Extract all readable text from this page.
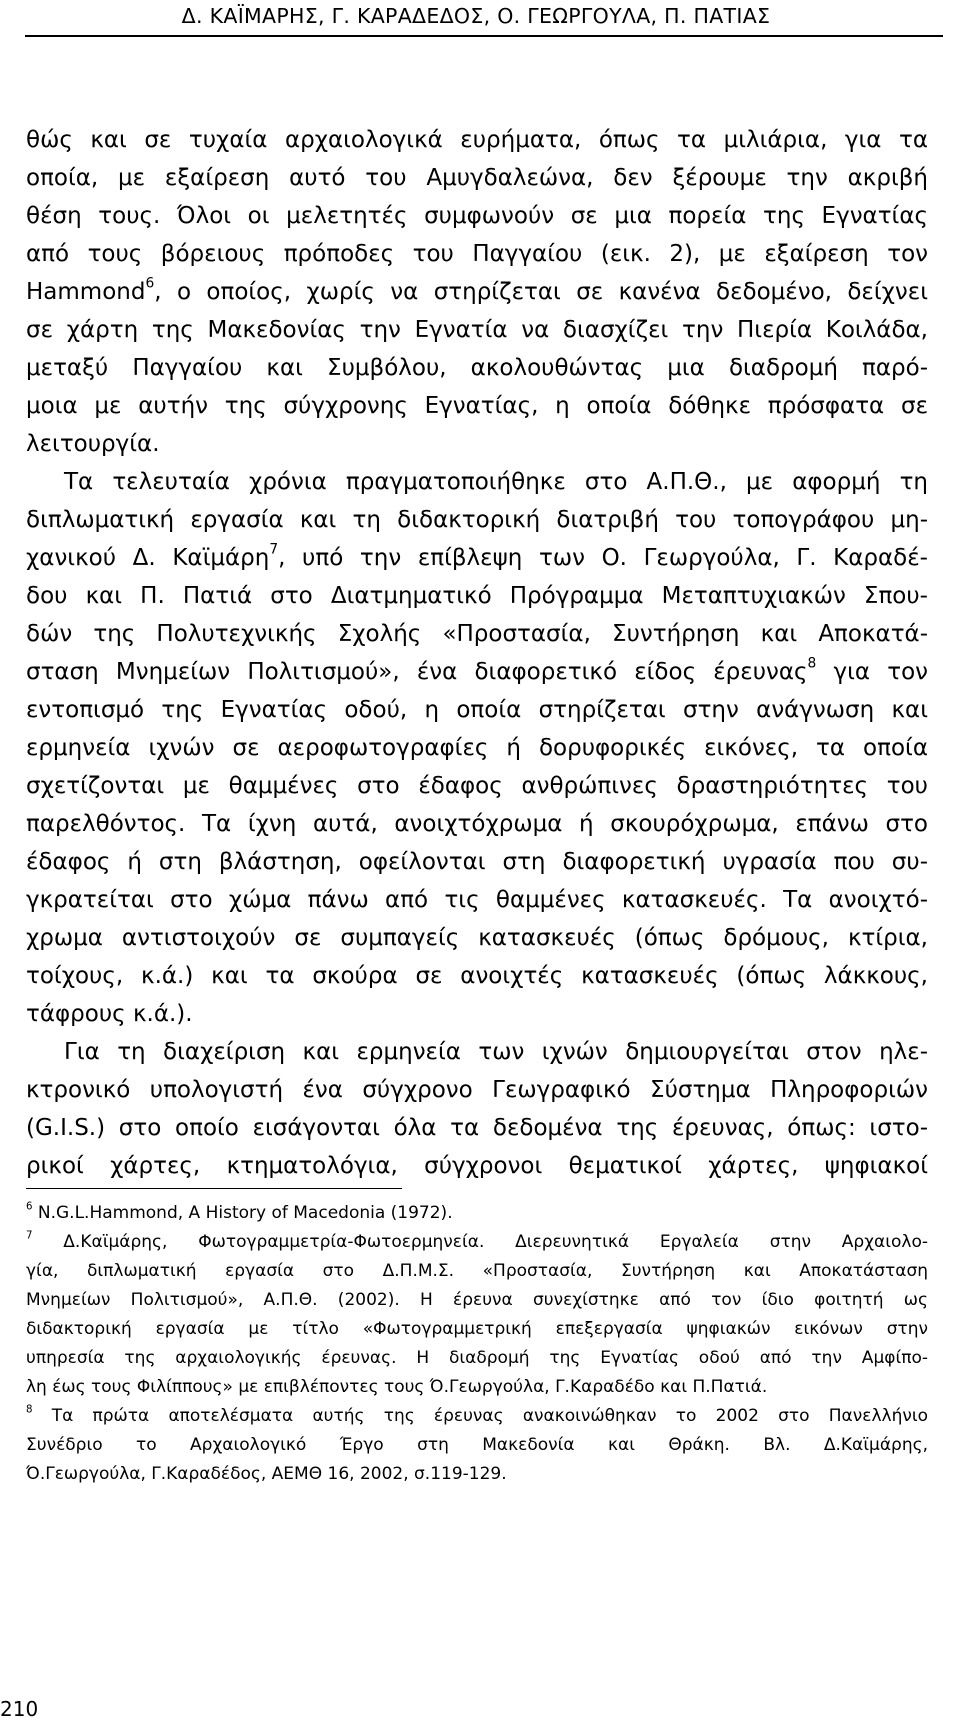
Δ. ΚΑΪΜΑΡΗΣ, Γ. ΚΑΡΑΔΕΔΟΣ, Ο. ΓΕΩΡΓΟΥΛΑ, Π. ΠΑΤΙΑΣ
θώς και σε τυχαία αρχαιολογικά ευρήματα, όπως τα μιλιάρια, για τα
οποία, με εξαίρεση αυτό του Αμυγδαλεώνα, δεν ξέρουμε την ακριβή
θέση τους. Όλοι οι μελετητές συμφωνούν σε μια πορεία της Εγνατίας
από τους βόρειους πρόποδες του Παγγαίου (εικ. 2), με εξαίρεση τον
Hammond$^6$, ο οποίος, χωρίς να στηρίζεται σε κανένα δεδομένο, δείχνει
σε χάρτη της Μακεδονίας την Εγνατία να διασχίζει την Πιερία Κοιλάδα,
μεταξύ Παγγαίου και Συμβόλου, ακολουθώντας μια διαδρομή παρό-
μοια με αυτήν της σύγχρονης Εγνατίας, η οποία δόθηκε πρόσφατα σε
λειτουργία.
Τα τελευταία χρόνια πραγματοποιήθηκε στο Α.Π.Θ., με αφορμή τη
διπλωματική εργασία και τη διδακτορική διατριβή του τοπογράφου μη-
χανικού Δ. Καϊμάρη$^7$, υπό την επίβλεψη των Ο. Γεωργούλα, Γ. Καραδέ-
δου και Π. Πατιά στο Διατμηματικό Πρόγραμμα Μεταπτυχιακών Σπου-
δών της Πολυτεχνικής Σχολής «Προστασία, Συντήρηση και Αποκατά-
σταση Μνημείων Πολιτισμού», ένα διαφορετικό είδος έρευνας$^8$ για τον
εντοπισμό της Εγνατίας οδού, η οποία στηρίζεται στην ανάγνωση και
ερμηνεία ιχνών σε αεροφωτογραφίες ή δορυφορικές εικόνες, τα οποία
σχετίζονται με θαμμένες στο έδαφος ανθρώπινες δραστηριότητες του
παρελθόντος. Τα ίχνη αυτά, ανοιχτόχρωμα ή σκουρόχρωμα, επάνω στο
έδαφος ή στη βλάστηση, οφείλονται στη διαφορετική υγρασία που συ-
γκρατείται στο χώμα πάνω από τις θαμμένες κατασκευές. Τα ανοιχτό-
χρωμα αντιστοιχούν σε συμπαγείς κατασκευές (όπως δρόμους, κτίρια,
τοίχους, κ.ά.) και τα σκούρα σε ανοιχτές κατασκευές (όπως λάκκους,
τάφρους κ.ά.).
Για τη διαχείριση και ερμηνεία των ιχνών δημιουργείται στον ηλε-
κτρονικό υπολογιστή ένα σύγχρονο Γεωγραφικό Σύστημα Πληροφοριών
(G.I.S.) στο οποίο εισάγονται όλα τα δεδομένα της έρευνας, όπως: ιστο-
ρικοί χάρτες, κτηματολόγια, σύγχρονοι θεματικοί χάρτες, ψηφιακοί
$^6$ N.G.L.Hammond, A History of Macedonia (1972).
$^7$ Δ.Καϊμάρης, Φωτογραμμετρία-Φωτοερμηνεία. Διερευνητικά Εργαλεία στην Αρχαιολο-
γία, διπλωματική εργασία στο Δ.Π.Μ.Σ. «Προστασία, Συντήρηση και Αποκατάσταση
Μνημείων Πολιτισμού», Α.Π.Θ. (2002). Η έρευνα συνεχίστηκε από τον ίδιο φοιτητή ως
διδακτορική εργασία με τίτλο «Φωτογραμμετρική επεξεργασία ψηφιακών εικόνων στην
υπηρεσία της αρχαιολογικής έρευνας. Η διαδρομή της Εγνατίας οδού από την Αμφίπο-
λη έως τους Φιλίππους» με επιβλέποντες τους Ό.Γεωργούλα, Γ.Καραδέδο και Π.Πατιά.
$^8$ Τα πρώτα αποτελέσματα αυτής της έρευνας ανακοινώθηκαν το 2002 στο Πανελλήνιο
Συνέδριο το Αρχαιολογικό Έργο στη Μακεδονία και Θράκη. Βλ. Δ.Καϊμάρης,
Ό.Γεωργούλα, Γ.Καραδέδος, ΑΕΜΘ 16, 2002, σ.119-129.
210
